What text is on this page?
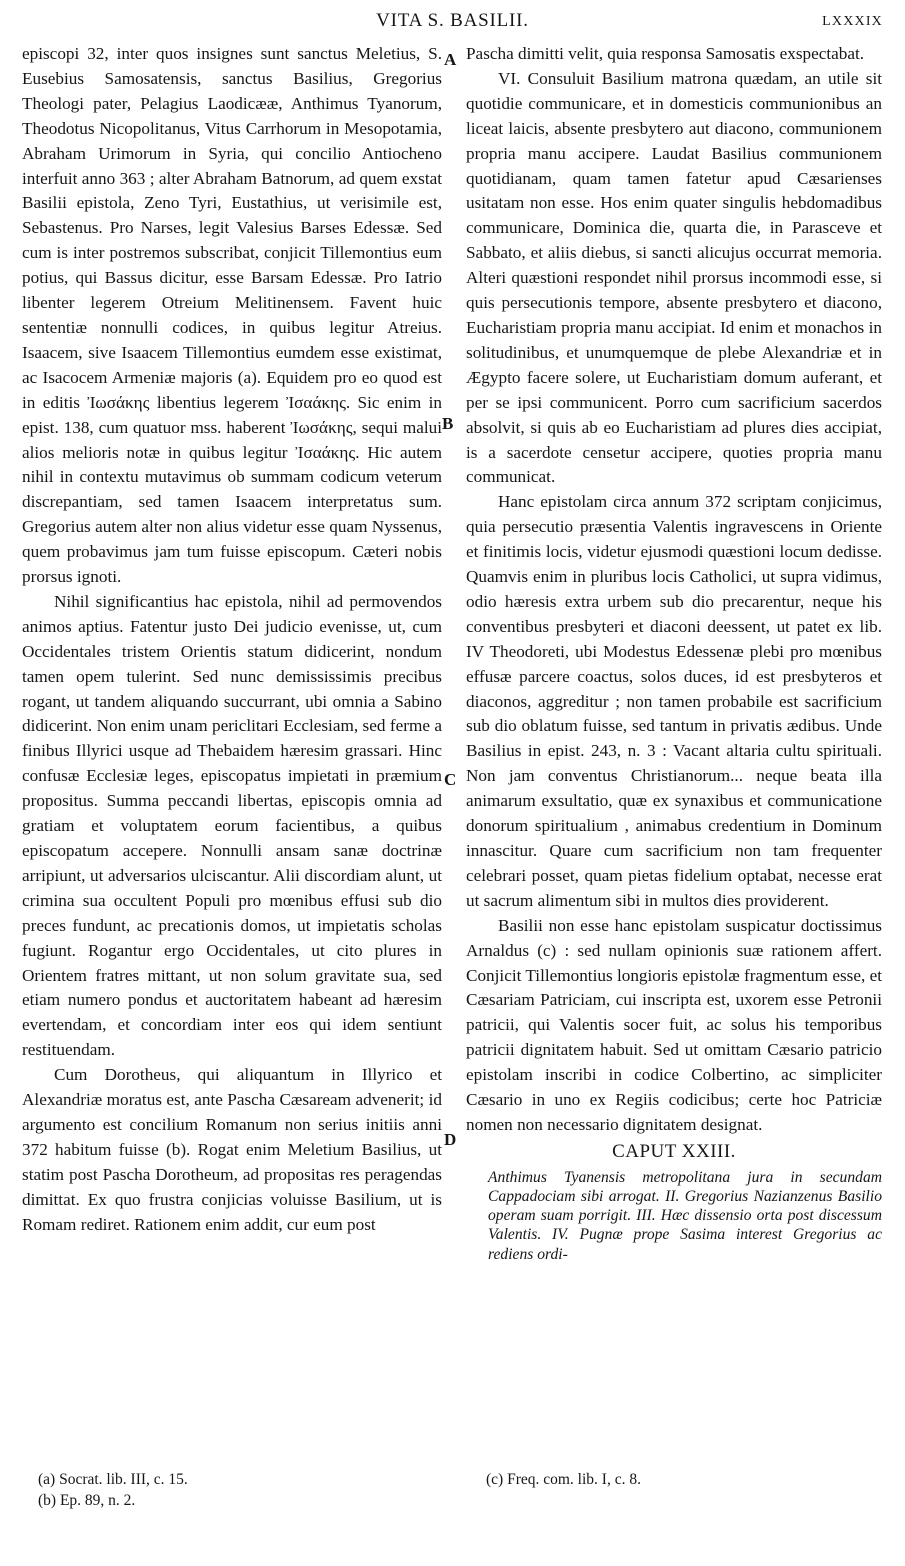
VITA S. BASILII.	LXXXIX

episcopi 32, inter quos insignes sunt sanctus Meletius, S. Eusebius Samosatensis, sanctus Basilius, Gregorius Theologi pater, Pelagius Laodicææ, Anthimus Tyanorum, Theodotus Nicopolitanus, Vitus Carrhorum in Mesopotamia, Abraham Urimorum in Syria, qui concilio Antiocheno interfuit anno 363 ; alter Abraham Batnorum, ad quem exstat Basilii epistola, Zeno Tyri, Eustathius, ut verisimile est, Sebastenus. Pro Narses, legit Valesius Barses Edessæ. Sed cum is inter postremos subscribat, conjicit Tillemontius eum potius, qui Bassus dicitur, esse Barsam Edessæ. Pro Iatrio libenter legerem Otreium Melitinensem. Favent huic sententiæ nonnulli codices, in quibus legitur Atreius. Isaacem, sive Isaacem Tillemontius eumdem esse existimat, ac Isacocem Armeniæ majoris (a). Equidem pro eo quod est in editis Ἰωσάκης libentius legerem Ἰσαάκης. Sic enim in epist. 138, cum quatuor mss. haberent Ἰωσάκης, sequi malui alios melioris notæ in quibus legitur Ἰσαάκης. Hic autem nihil in contextu mutavimus ob summam codicum veterum discrepantiam, sed tamen Isaacem interpretatus sum. Gregorius autem alter non alius videtur esse quam Nyssenus, quem probavimus jam tum fuisse episcopum. Cæteri nobis prorsus ignoti.

Nihil significantius hac epistola, nihil ad permovendos animos aptius. Fatentur justo Dei judicio evenisse, ut, cum Occidentales tristem Orientis statum didicerint, nondum tamen opem tulerint. Sed nunc demississimis precibus rogant, ut tandem aliquando succurrant, ubi omnia a Sabino didicerint. Non enim unam periclitari Ecclesiam, sed ferme a finibus Illyrici usque ad Thebaidem hæresim grassari. Hinc confusæ Ecclesiæ leges, episcopatus impietati in præmium propositus. Summa peccandi libertas, episcopis omnia ad gratiam et voluptatem eorum facientibus, a quibus episcopatum accepere. Nonnulli ansam sanæ doctrinæ arripiunt, ut adversarios ulciscantur. Alii discordiam alunt, ut crimina sua occultent Populi pro mœnibus effusi sub dio preces fundunt, ac precationis domos, ut impietatis scholas fugiunt. Rogantur ergo Occidentales, ut cito plures in Orientem fratres mittant, ut non solum gravitate sua, sed etiam numero pondus et auctoritatem habeant ad hæresim evertendam, et concordiam inter eos qui idem sentiunt restituendam.

Cum Dorotheus, qui aliquantum in Illyrico et Alexandriæ moratus est, ante Pascha Cæsaream advenerit; id argumento est concilium Romanum non serius initiis anni 372 habitum fuisse (b). Rogat enim Meletium Basilius, ut statim post Pascha Dorotheum, ad propositas res peragendas dimittat. Ex quo frustra conjicias voluisse Basilium, ut is Romam rediret. Rationem enim addit, cur eum post

A
B
C
D

Pascha dimitti velit, quia responsa Samosatis exspectabat.

VI. Consuluit Basilium matrona quædam, an utile sit quotidie communicare, et in domesticis communionibus an liceat laicis, absente presbytero aut diacono, communionem propria manu accipere. Laudat Basilius communionem quotidianam, quam tamen fatetur apud Cæsarienses usitatam non esse. Hos enim quater singulis hebdomadibus communicare, Dominica die, quarta die, in Parasceve et Sabbato, et aliis diebus, si sancti alicujus occurrat memoria. Alteri quæstioni respondet nihil prorsus incommodi esse, si quis persecutionis tempore, absente presbytero et diacono, Eucharistiam propria manu accipiat. Id enim et monachos in solitudinibus, et unumquemque de plebe Alexandriæ et in Ægypto facere solere, ut Eucharistiam domum auferant, et per se ipsi communicent. Porro cum sacrificium sacerdos absolvit, si quis ab eo Eucharistiam ad plures dies accipiat, is a sacerdote censetur accipere, quoties propria manu communicat.

Hanc epistolam circa annum 372 scriptam conjicimus, quia persecutio præsentia Valentis ingravescens in Oriente et finitimis locis, videtur ejusmodi quæstioni locum dedisse. Quamvis enim in pluribus locis Catholici, ut supra vidimus, odio hæresis extra urbem sub dio precarentur, neque his conventibus presbyteri et diaconi deessent, ut patet ex lib. IV Theodoreti, ubi Modestus Edessenæ plebi pro mœnibus effusæ parcere coactus, solos duces, id est presbyteros et diaconos, aggreditur ; non tamen probabile est sacrificium sub dio oblatum fuisse, sed tantum in privatis ædibus. Unde Basilius in epist. 243, n. 3 : Vacant altaria cultu spirituali. Non jam conventus Christianorum... neque beata illa animarum exsultatio, quæ ex synaxibus et communicatione donorum spiritualium , animabus credentium in Dominum innascitur. Quare cum sacrificium non tam frequenter celebrari posset, quam pietas fidelium optabat, necesse erat ut sacrum alimentum sibi in multos dies providerent.

Basilii non esse hanc epistolam suspicatur doctissimus Arnaldus (c) : sed nullam opinionis suæ rationem affert. Conjicit Tillemontius longioris epistolæ fragmentum esse, et Cæsariam Patriciam, cui inscripta est, uxorem esse Petronii patricii, qui Valentis socer fuit, ac solus his temporibus patricii dignitatem habuit. Sed ut omittam Cæsario patricio epistolam inscribi in codice Colbertino, ac simpliciter Cæsario in uno ex Regiis codicibus; certe hoc Patriciæ nomen non necessario dignitatem designat.

CAPUT XXIII.

Anthimus Tyanensis metropolitana jura in secundam Cappadociam sibi arrogat. II. Gregorius Nazianzenus Basilio operam suam porrigit. III. Hæc dissensio orta post discessum Valentis. IV. Pugnæ prope Sasima interest Gregorius ac rediens ordi-

(a) Socrat. lib. III, c. 15.
(b) Ep. 89, n. 2.
(c) Freq. com. lib. I, c. 8.
